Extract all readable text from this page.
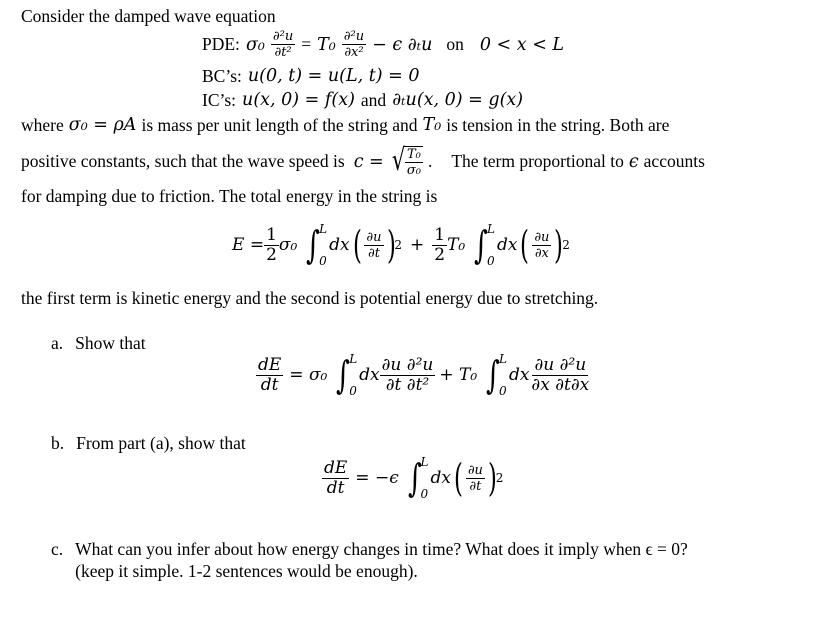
Consider the damped wave equation
PDE: $\sigma_0 \frac{\text{∂²u}}{\text{∂t²}} = T_0 \frac{\text{∂²u}}{\text{∂x²}} - \epsilon$ ∂ₜu on 0 < x < L
BC’s: u(0, t) = u(L, t) = 0
IC’s: u(x, 0) = f(x) and ∂ₜu(x, 0) = g(x)
where σ₀ = ρA is mass per unit length of the string and T₀ is tension in the string. Both are
positive constants, such that the wave speed is c = √ $\frac{\text{T₀}}{\text{σ₀}}$ . The term proportional to ϵ accounts
for damping due to friction. The total energy in the string is
$E = \frac{1}{2} \sigma_0$ ∫
L
0
dx ( $\frac{\partial u}{\partial t}$ )
$2 + \frac{1}{2} T_0$ ∫
L
0
dx ( $\frac{\partial u}{\partial x}$ )
2
the first term is kinetic energy and the second is potential energy due to stretching.
a. Show that
$\frac{dE}{dt} = \sigma_0$ ∫
L
0
dx $\frac{\text{∂u ∂²u}}{\text{∂t ∂t²}} + T_0$ ∫
L
0
dx $\frac{\text{∂u ∂²u}}{\partial x \partial t\partial x}$
b. From part (a), show that
$\frac{dE}{dt} = -\epsilon$ ∫
L
0
dx ( $\frac{\partial u}{\partial t}$ )
2
c. What can you infer about how energy changes in time? What does it imply when ϵ = 0?
(keep it simple. 1-2 sentences would be enough).
